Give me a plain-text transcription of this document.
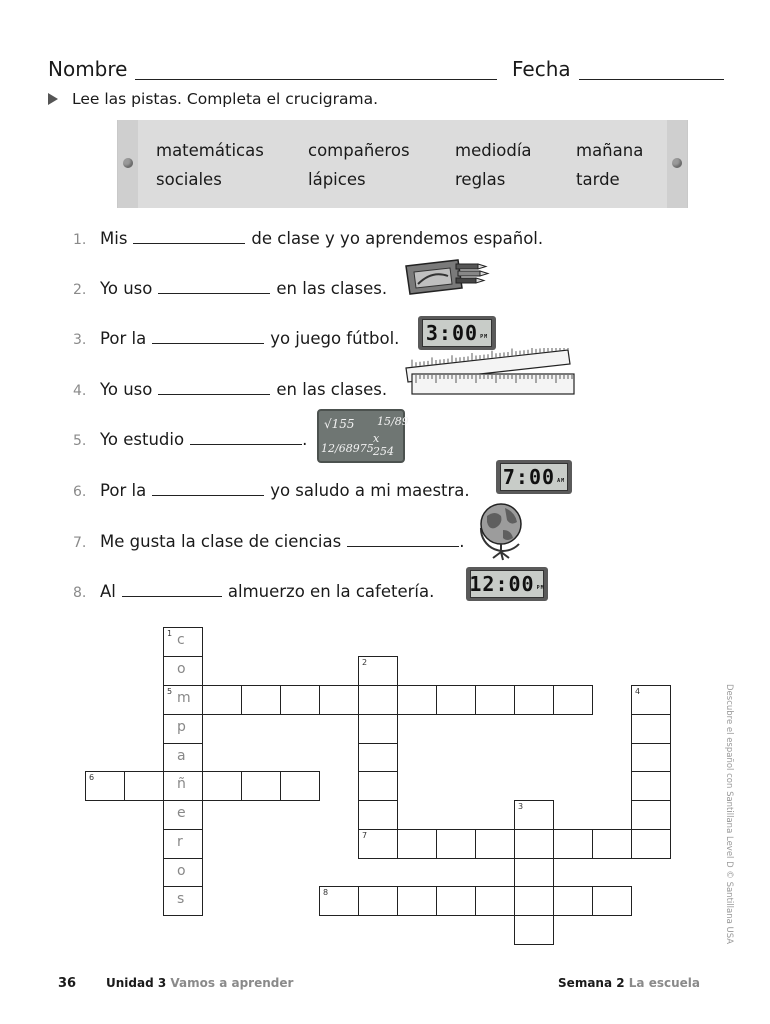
Nombre	Fecha
Lee las pistas. Completa el crucigrama.
matemáticas	compañeros	mediodía	mañana
sociales	lápices	reglas	tarde
1. Mis	de clase y yo aprendemos español.
2. Yo uso	en las clases.
3. Por la	yo juego fútbol.
4. Yo uso	en las clases.
5. Yo estudio	.
6. Por la	yo saludo a mi maestra.
7. Me gusta la clase de ciencias	.
8. Al	almuerzo en la cafetería.
3:00 PM
√155 15/89
12/68975
x 254
7:00 AM
12:00 PM
1 c
o
5 m
p
a
ñ
e
r
o
s
2
7
4
6
3
8	Descubre el español con Santillana Level D © Santillana USA
36 Unidad 3 Vamos a aprender	Semana 2 La escuela
